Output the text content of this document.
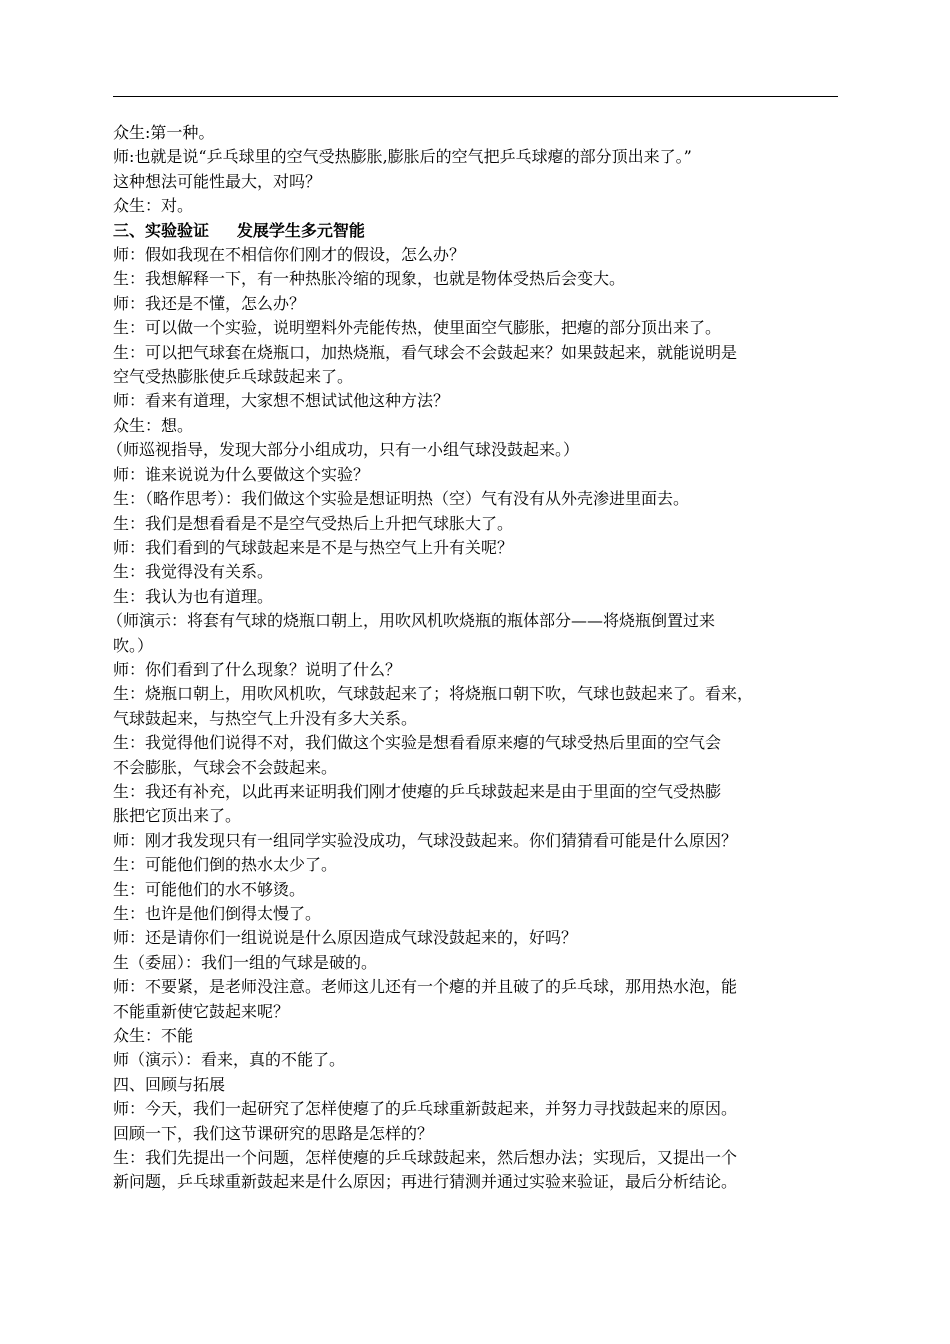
众生:第一种。

师:也就是说“乒乓球里的空气受热膨胀,膨胀后的空气把乒乓球瘪的部分顶出来了。”

这种想法可能性最大，对吗？

众生：对。

三、实验验证     发展学生多元智能

师：假如我现在不相信你们刚才的假设，怎么办？

生：我想解释一下，有一种热胀冷缩的现象，也就是物体受热后会变大。

师：我还是不懂，怎么办？

生：可以做一个实验，说明塑料外壳能传热，使里面空气膨胀，把瘪的部分顶出来了。

生：可以把气球套在烧瓶口，加热烧瓶，看气球会不会鼓起来？如果鼓起来，就能说明是

空气受热膨胀使乒乓球鼓起来了。

师：看来有道理，大家想不想试试他这种方法？

众生：想。

（师巡视指导，发现大部分小组成功，只有一小组气球没鼓起来。）

师：谁来说说为什么要做这个实验？

生：（略作思考）：我们做这个实验是想证明热（空）气有没有从外壳渗进里面去。

生：我们是想看看是不是空气受热后上升把气球胀大了。

师：我们看到的气球鼓起来是不是与热空气上升有关呢？

生：我觉得没有关系。

生：我认为也有道理。

（师演示：将套有气球的烧瓶口朝上，用吹风机吹烧瓶的瓶体部分——将烧瓶倒置过来

吹。）

师：你们看到了什么现象？说明了什么？

生：烧瓶口朝上，用吹风机吹，气球鼓起来了；将烧瓶口朝下吹，气球也鼓起来了。看来，

气球鼓起来，与热空气上升没有多大关系。

生：我觉得他们说得不对，我们做这个实验是想看看原来瘪的气球受热后里面的空气会

不会膨胀，气球会不会鼓起来。

生：我还有补充，以此再来证明我们刚才使瘪的乒乓球鼓起来是由于里面的空气受热膨

胀把它顶出来了。

师：刚才我发现只有一组同学实验没成功，气球没鼓起来。你们猜猜看可能是什么原因？

生：可能他们倒的热水太少了。

生：可能他们的水不够烫。

生：也许是他们倒得太慢了。

师：还是请你们一组说说是什么原因造成气球没鼓起来的，好吗？

生（委屈）：我们一组的气球是破的。

师：不要紧，是老师没注意。老师这儿还有一个瘪的并且破了的乒乓球，那用热水泡，能

不能重新使它鼓起来呢？

众生：不能

师（演示）：看来，真的不能了。

四、回顾与拓展

师：今天，我们一起研究了怎样使瘪了的乒乓球重新鼓起来，并努力寻找鼓起来的原因。

回顾一下，我们这节课研究的思路是怎样的？

生：我们先提出一个问题，怎样使瘪的乒乓球鼓起来，然后想办法；实现后，又提出一个

新问题，乒乓球重新鼓起来是什么原因；再进行猜测并通过实验来验证，最后分析结论。
